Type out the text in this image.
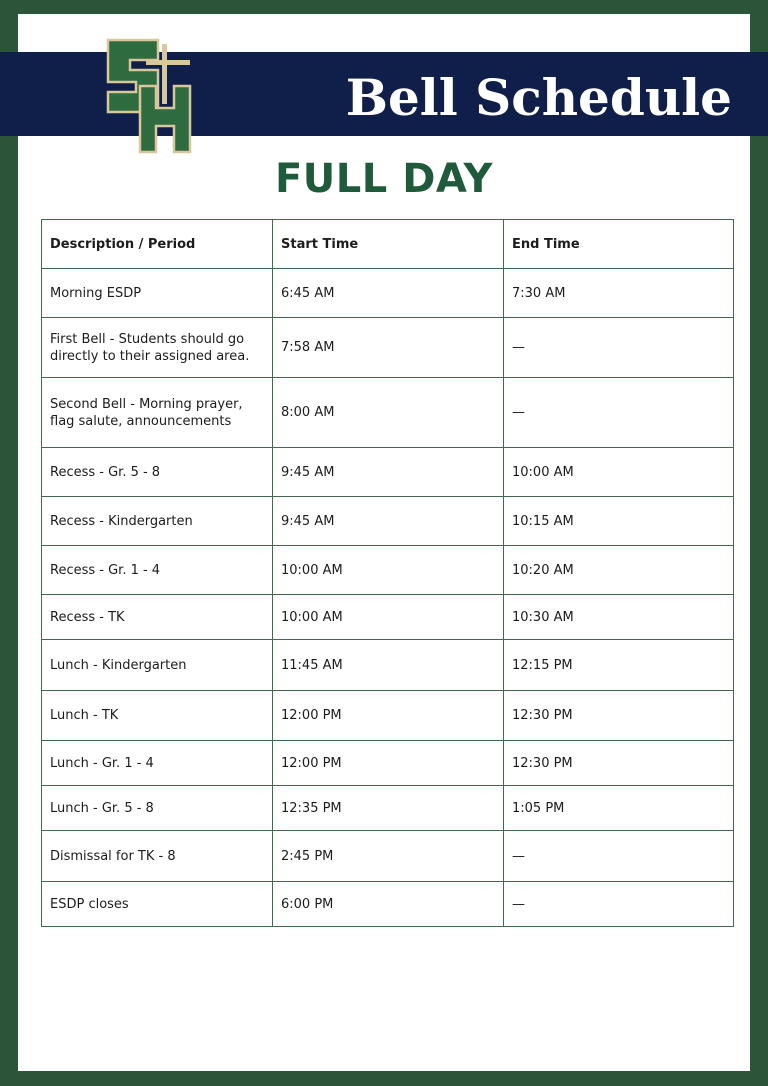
Bell Schedule
FULL DAY
Description / Period	Start Time	End Time
Morning ESDP	6:45 AM	7:30 AM
First Bell - Students should go directly to their assigned area.	7:58 AM	—
Second Bell - Morning prayer, flag salute, announcements	8:00 AM	—
Recess - Gr. 5 - 8	9:45 AM	10:00 AM
Recess - Kindergarten	9:45 AM	10:15 AM
Recess - Gr. 1 - 4	10:00 AM	10:20 AM
Recess - TK	10:00 AM	10:30 AM
Lunch - Kindergarten	11:45 AM	12:15 PM
Lunch - TK	12:00 PM	12:30 PM
Lunch - Gr. 1 - 4	12:00 PM	12:30 PM
Lunch - Gr. 5 - 8	12:35 PM	1:05 PM
Dismissal for TK - 8	2:45 PM	—
ESDP closes	6:00 PM	—
